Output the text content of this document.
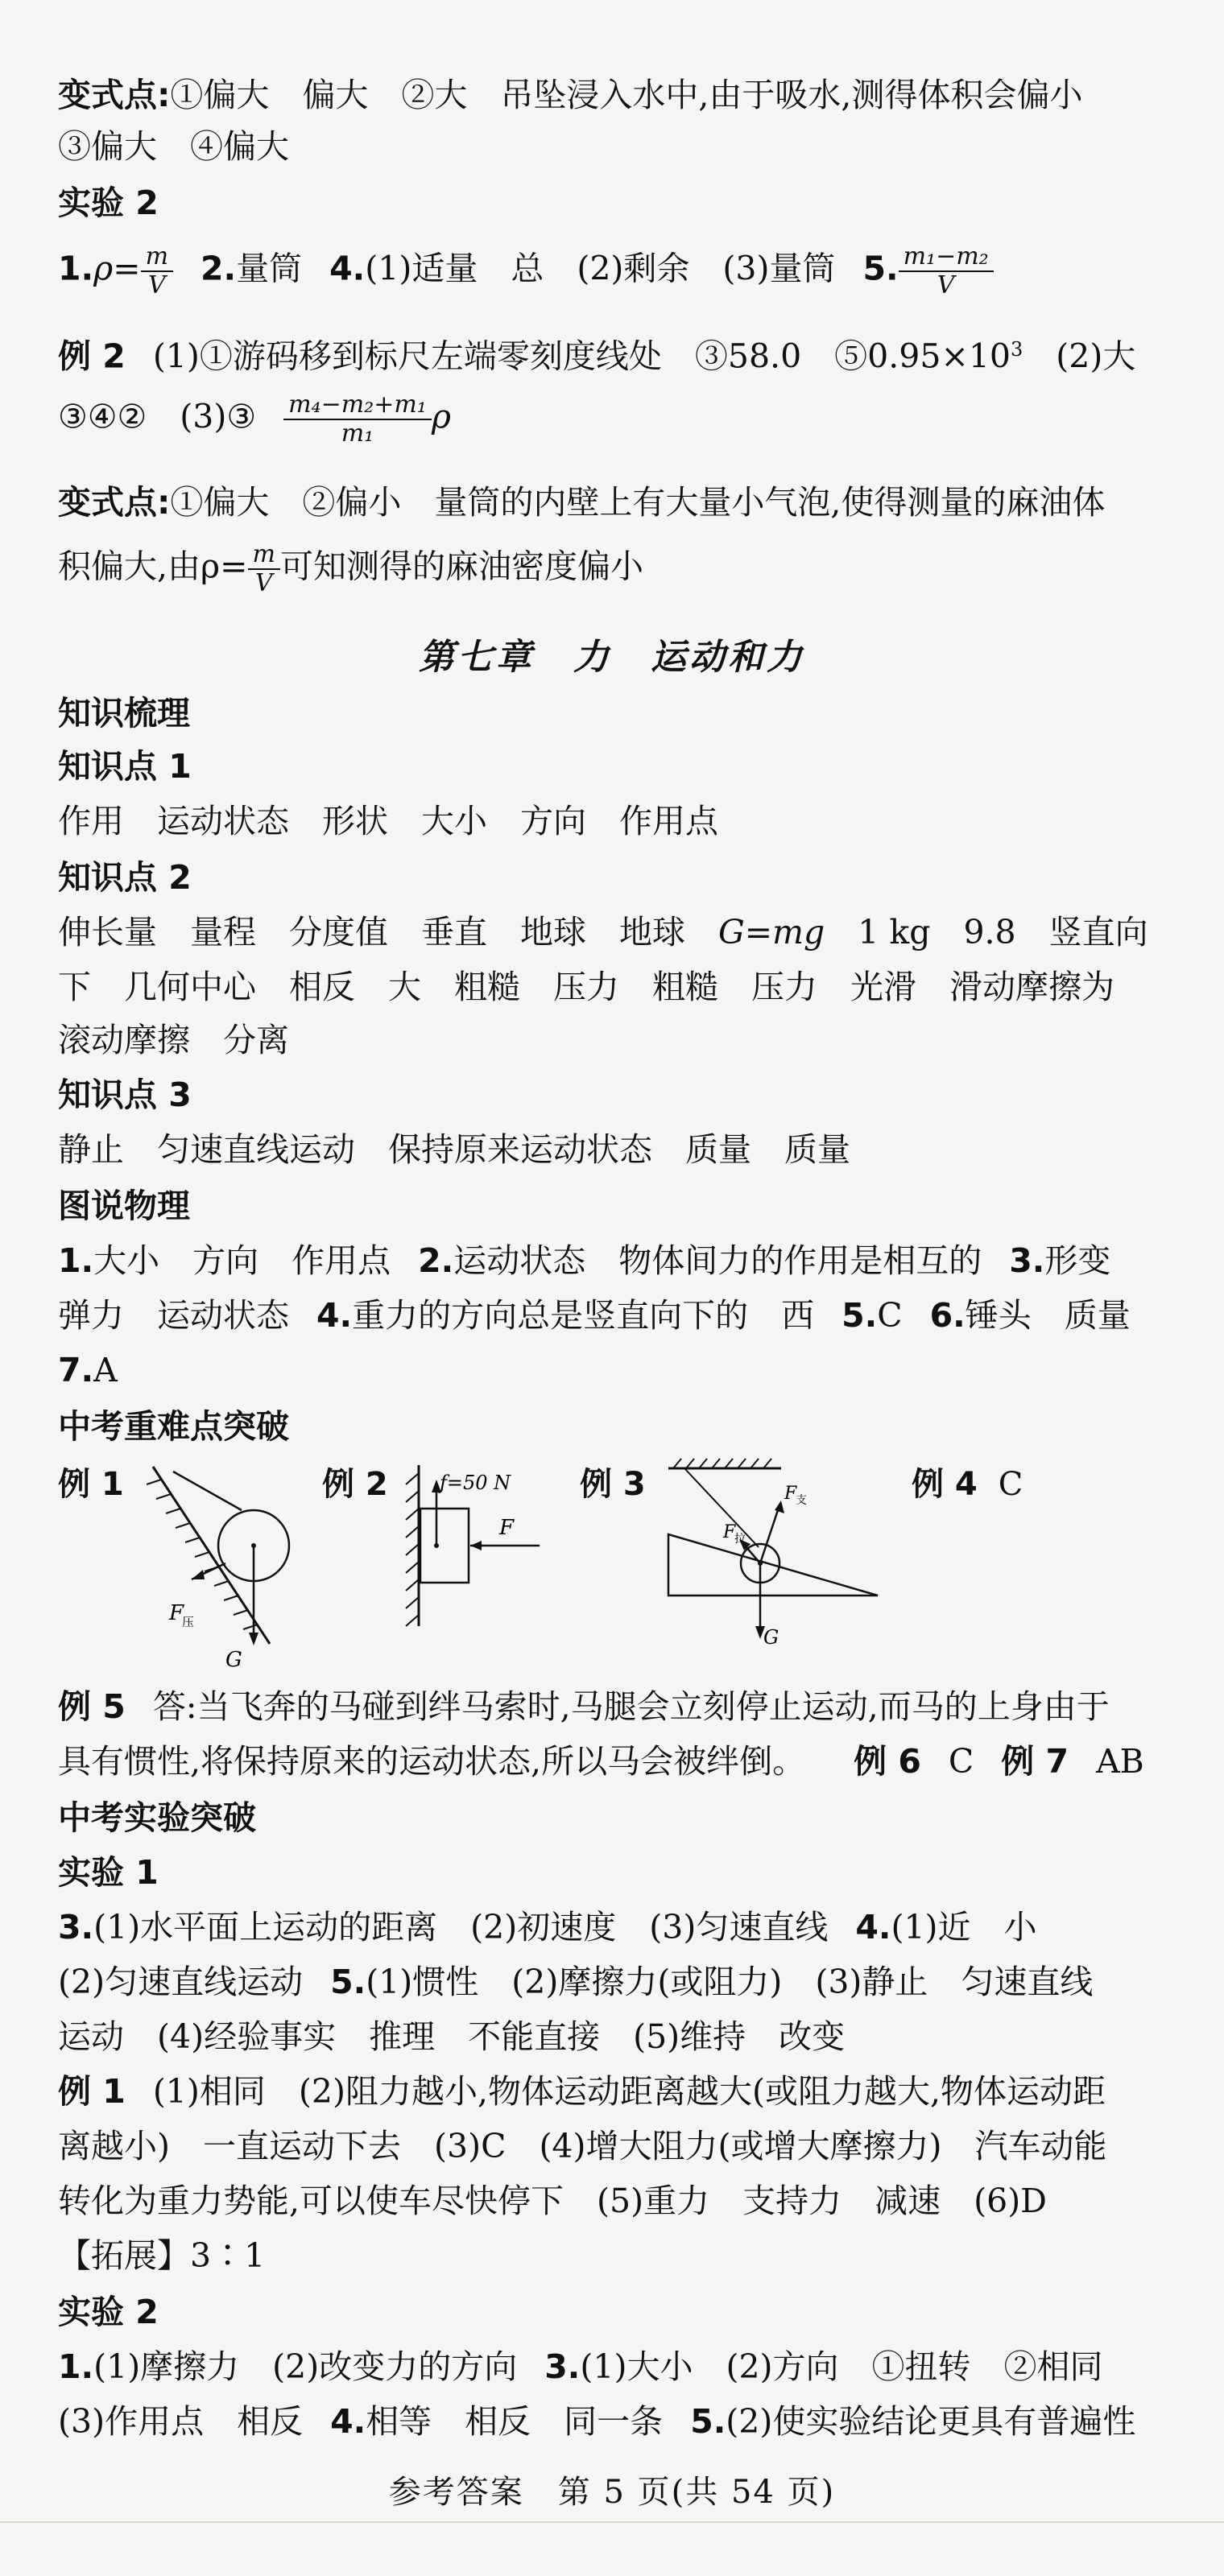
变式点:①偏大　偏大　②大　吊坠浸入水中,由于吸水,测得体积会偏小
③偏大　④偏大
实验 2
$1.\rho= \frac{m}{V} 2$.量筒 4.(1)适量　总　(2)剩余　(3)量筒 5. $\frac{\text{m₁−m₂}}{V}$
例 2 (1)①游码移到标尺左端零刻度线处　③58.0　$⑤0.95\times 10^3$　(2)大
③④②　(3)③ $\frac{\text{m₄−m₂+m₁}}{\text{m₁}}$ ρ
变式点:①偏大　②偏小　量筒的内壁上有大量小气泡,使得测量的麻油体
积偏大,由$\rho= \frac{m}{V}$ 可知测得的麻油密度偏小
第七章　力　运动和力
知识梳理
知识点 1
作用　运动状态　形状　大小　方向　作用点
知识点 2
伸长量　量程　分度值　垂直　地球　地球　G=mg　1 kg　9.8　竖直向
下　几何中心　相反　大　粗糙　压力　粗糙　压力　光滑　滑动摩擦为
滚动摩擦　分离
知识点 3
静止　匀速直线运动　保持原来运动状态　质量　质量
图说物理
1.大小　方向　作用点 2.运动状态　物体间力的作用是相互的 3.形变
弹力　运动状态 4.重力的方向总是竖直向下的　西 5.C 6.锤头　质量
7.A
中考重难点突破
例 1	例 2	例 3	例 4 C
F
压
G
f=50 N
F	F
拉
F
支
G
例 5 答:当飞奔的马碰到绊马索时,马腿会立刻停止运动,而马的上身由于
具有惯性,将保持原来的运动状态,所以马会被绊倒。 例 6 C 例 7 AB
中考实验突破
实验 1
3.(1)水平面上运动的距离　(2)初速度　(3)匀速直线 4.(1)近　小
(2)匀速直线运动 5.(1)惯性　(2)摩擦力(或阻力)　(3)静止　匀速直线
运动　(4)经验事实　推理　不能直接　(5)维持　改变
例 1 (1)相同　(2)阻力越小,物体运动距离越大(或阻力越大,物体运动距
离越小)　一直运动下去　(3)C　(4)增大阻力(或增大摩擦力)　汽车动能
转化为重力势能,可以使车尽快停下　(5)重力　支持力　减速　(6)D
【拓展】3∶1
实验 2
1.(1)摩擦力　(2)改变力的方向 3.(1)大小　(2)方向　①扭转　②相同
(3)作用点　相反 4.相等　相反　同一条 5.(2)使实验结论更具有普遍性
参考答案　第 5 页(共 54 页)
